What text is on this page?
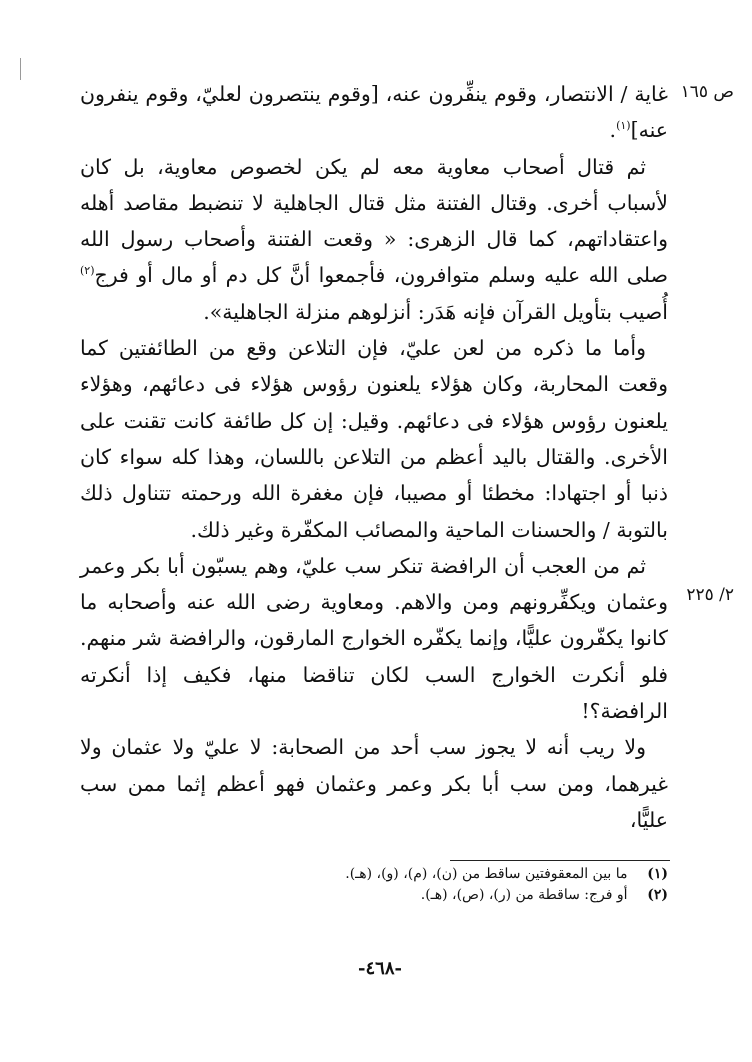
ص ١٦٥
٢/ ٢٢٥

غاية / الانتصار، وقوم ينفِّرون عنه، [وقوم ينتصرون لعليّ، وقوم ينفرون عنه]$^{(١)}$.

ثم قتال أصحاب معاوية معه لم يكن لخصوص معاوية، بل كان لأسباب أخرى. وقتال الفتنة مثل قتال الجاهلية لا تنضبط مقاصد أهله واعتقاداتهم، كما قال الزهرى: « وقعت الفتنة وأصحاب رسول الله صلى الله عليه وسلم متوافرون، فأجمعوا أنَّ كل دم أو مال أو فرج$^{(٢)}$ أُصيب بتأويل القرآن فإنه هَدَر: أنزلوهم منزلة الجاهلية».

وأما ما ذكره من لعن عليّ، فإن التلاعن وقع من الطائفتين كما وقعت المحاربة، وكان هؤلاء يلعنون رؤوس هؤلاء فى دعائهم، وهؤلاء يلعنون رؤوس هؤلاء فى دعائهم. وقيل: إن كل طائفة كانت تقنت على الأخرى. والقتال باليد أعظم من التلاعن باللسان، وهذا كله سواء كان ذنبا أو اجتهادا: مخطئا أو مصيبا، فإن مغفرة الله ورحمته تتناول ذلك بالتوبة / والحسنات الماحية والمصائب المكفّرة وغير ذلك.

ثم من العجب أن الرافضة تنكر سب عليّ، وهم يسبّون أبا بكر وعمر وعثمان ويكفِّرونهم ومن والاهم. ومعاوية رضى الله عنه وأصحابه ما كانوا يكفّرون عليًّا، وإنما يكفّره الخوارج المارقون، والرافضة شر منهم. فلو أنكرت الخوارج السب لكان تناقضا منها، فكيف إذا أنكرته الرافضة؟!

ولا ريب أنه لا يجوز سب أحد من الصحابة: لا عليّ ولا عثمان ولا غيرهما، ومن سب أبا بكر وعمر وعثمان فهو أعظم إثما ممن سب عليًّا،

(١) ما بين المعقوفتين ساقط من (ن)، (م)، (و)، (هـ).
(٢) أو فرج: ساقطة من (ر)، (ص)، (هـ).
-٤٦٨-
